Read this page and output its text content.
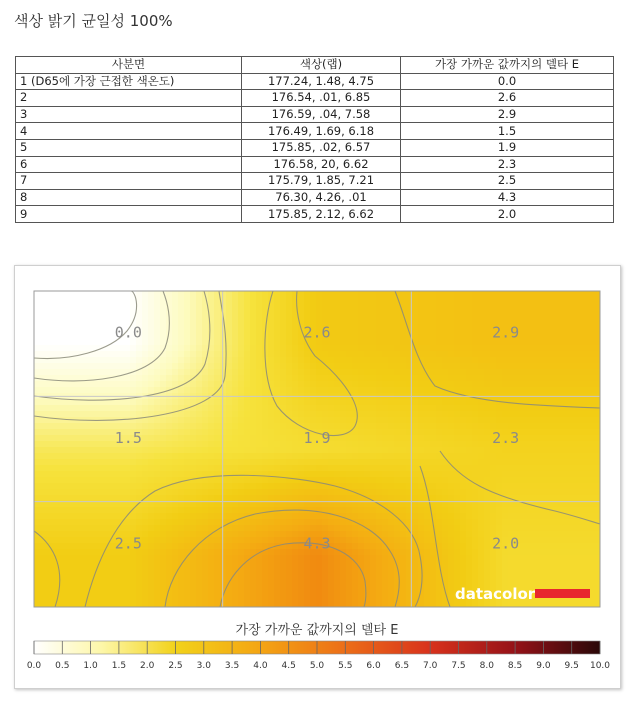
색상 밝기 균일성 100%
사분면	색상(랩)	가장 가까운 값까지의 델타 E
1 (D65에 가장 근접한 색온도)	177.24, 1.48, 4.75	0.0
2	176.54, .01, 6.85	2.6
3	176.59, .04, 7.58	2.9
4	176.49, 1.69, 6.18	1.5
5	175.85, .02, 6.57	1.9
6	176.58, 20, 6.62	2.3
7	175.79, 1.85, 7.21	2.5
8	76.30, 4.26, .01	4.3
9	175.85, 2.12, 6.62	2.0
0.0	2.6	2.9
1.5	1.9	2.3
2.5	4.3	2.0
datacolor
가장 가까운 값까지의 델타 E
0.0 0.5 1.0 1.5 2.0 2.5 3.0 3.5 4.0 4.5 5.0 5.5 6.0 6.5 7.0 7.5 8.0 8.5 9.0 9.5 10.0
